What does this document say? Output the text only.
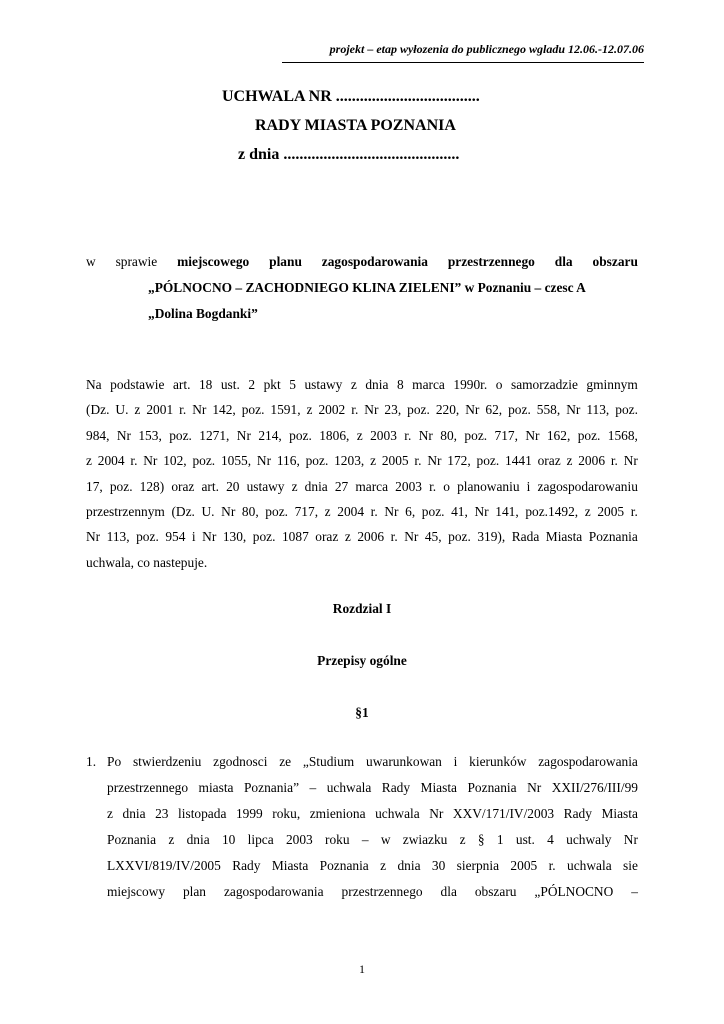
projekt – etap wyłozenia do publicznego wgladu 12.06.-12.07.06
UCHWALA NR ....................................
RADY MIASTA POZNANIA
z dnia ............................................
w sprawie miejscowego planu zagospodarowania przestrzennego dla obszaru
„PÓLNOCNO – ZACHODNIEGO KLINA ZIELENI” w Poznaniu – czesc A
„Dolina Bogdanki”
Na podstawie art. 18 ust. 2 pkt 5 ustawy z dnia 8 marca 1990r. o samorzadzie gminnym
(Dz. U. z 2001 r. Nr 142, poz. 1591, z 2002 r. Nr 23, poz. 220, Nr 62, poz. 558, Nr 113, poz.
984, Nr 153, poz. 1271, Nr 214, poz. 1806, z 2003 r. Nr 80, poz. 717, Nr 162, poz. 1568,
z 2004 r. Nr 102, poz. 1055, Nr 116, poz. 1203, z 2005 r. Nr 172, poz. 1441 oraz z 2006 r. Nr
17, poz. 128) oraz art. 20 ustawy z dnia 27 marca 2003 r. o planowaniu i zagospodarowaniu
przestrzennym (Dz. U. Nr 80, poz. 717, z 2004 r. Nr 6, poz. 41, Nr 141, poz.1492, z 2005 r.
Nr 113, poz. 954 i Nr 130, poz. 1087 oraz z 2006 r. Nr 45, poz. 319), Rada Miasta Poznania
uchwala, co nastepuje.
Rozdzial I
Przepisy ogólne
§1
1. Po stwierdzeniu zgodnosci ze „Studium uwarunkowan i kierunków zagospodarowania
przestrzennego miasta Poznania” – uchwala Rady Miasta Poznania Nr XXII/276/III/99
z dnia 23 listopada 1999 roku, zmieniona uchwala Nr XXV/171/IV/2003 Rady Miasta
Poznania z dnia 10 lipca 2003 roku – w zwiazku z § 1 ust. 4 uchwaly Nr
LXXVI/819/IV/2005 Rady Miasta Poznania z dnia 30 sierpnia 2005 r. uchwala sie
miejscowy plan zagospodarowania przestrzennego dla obszaru „PÓLNOCNO –
1
